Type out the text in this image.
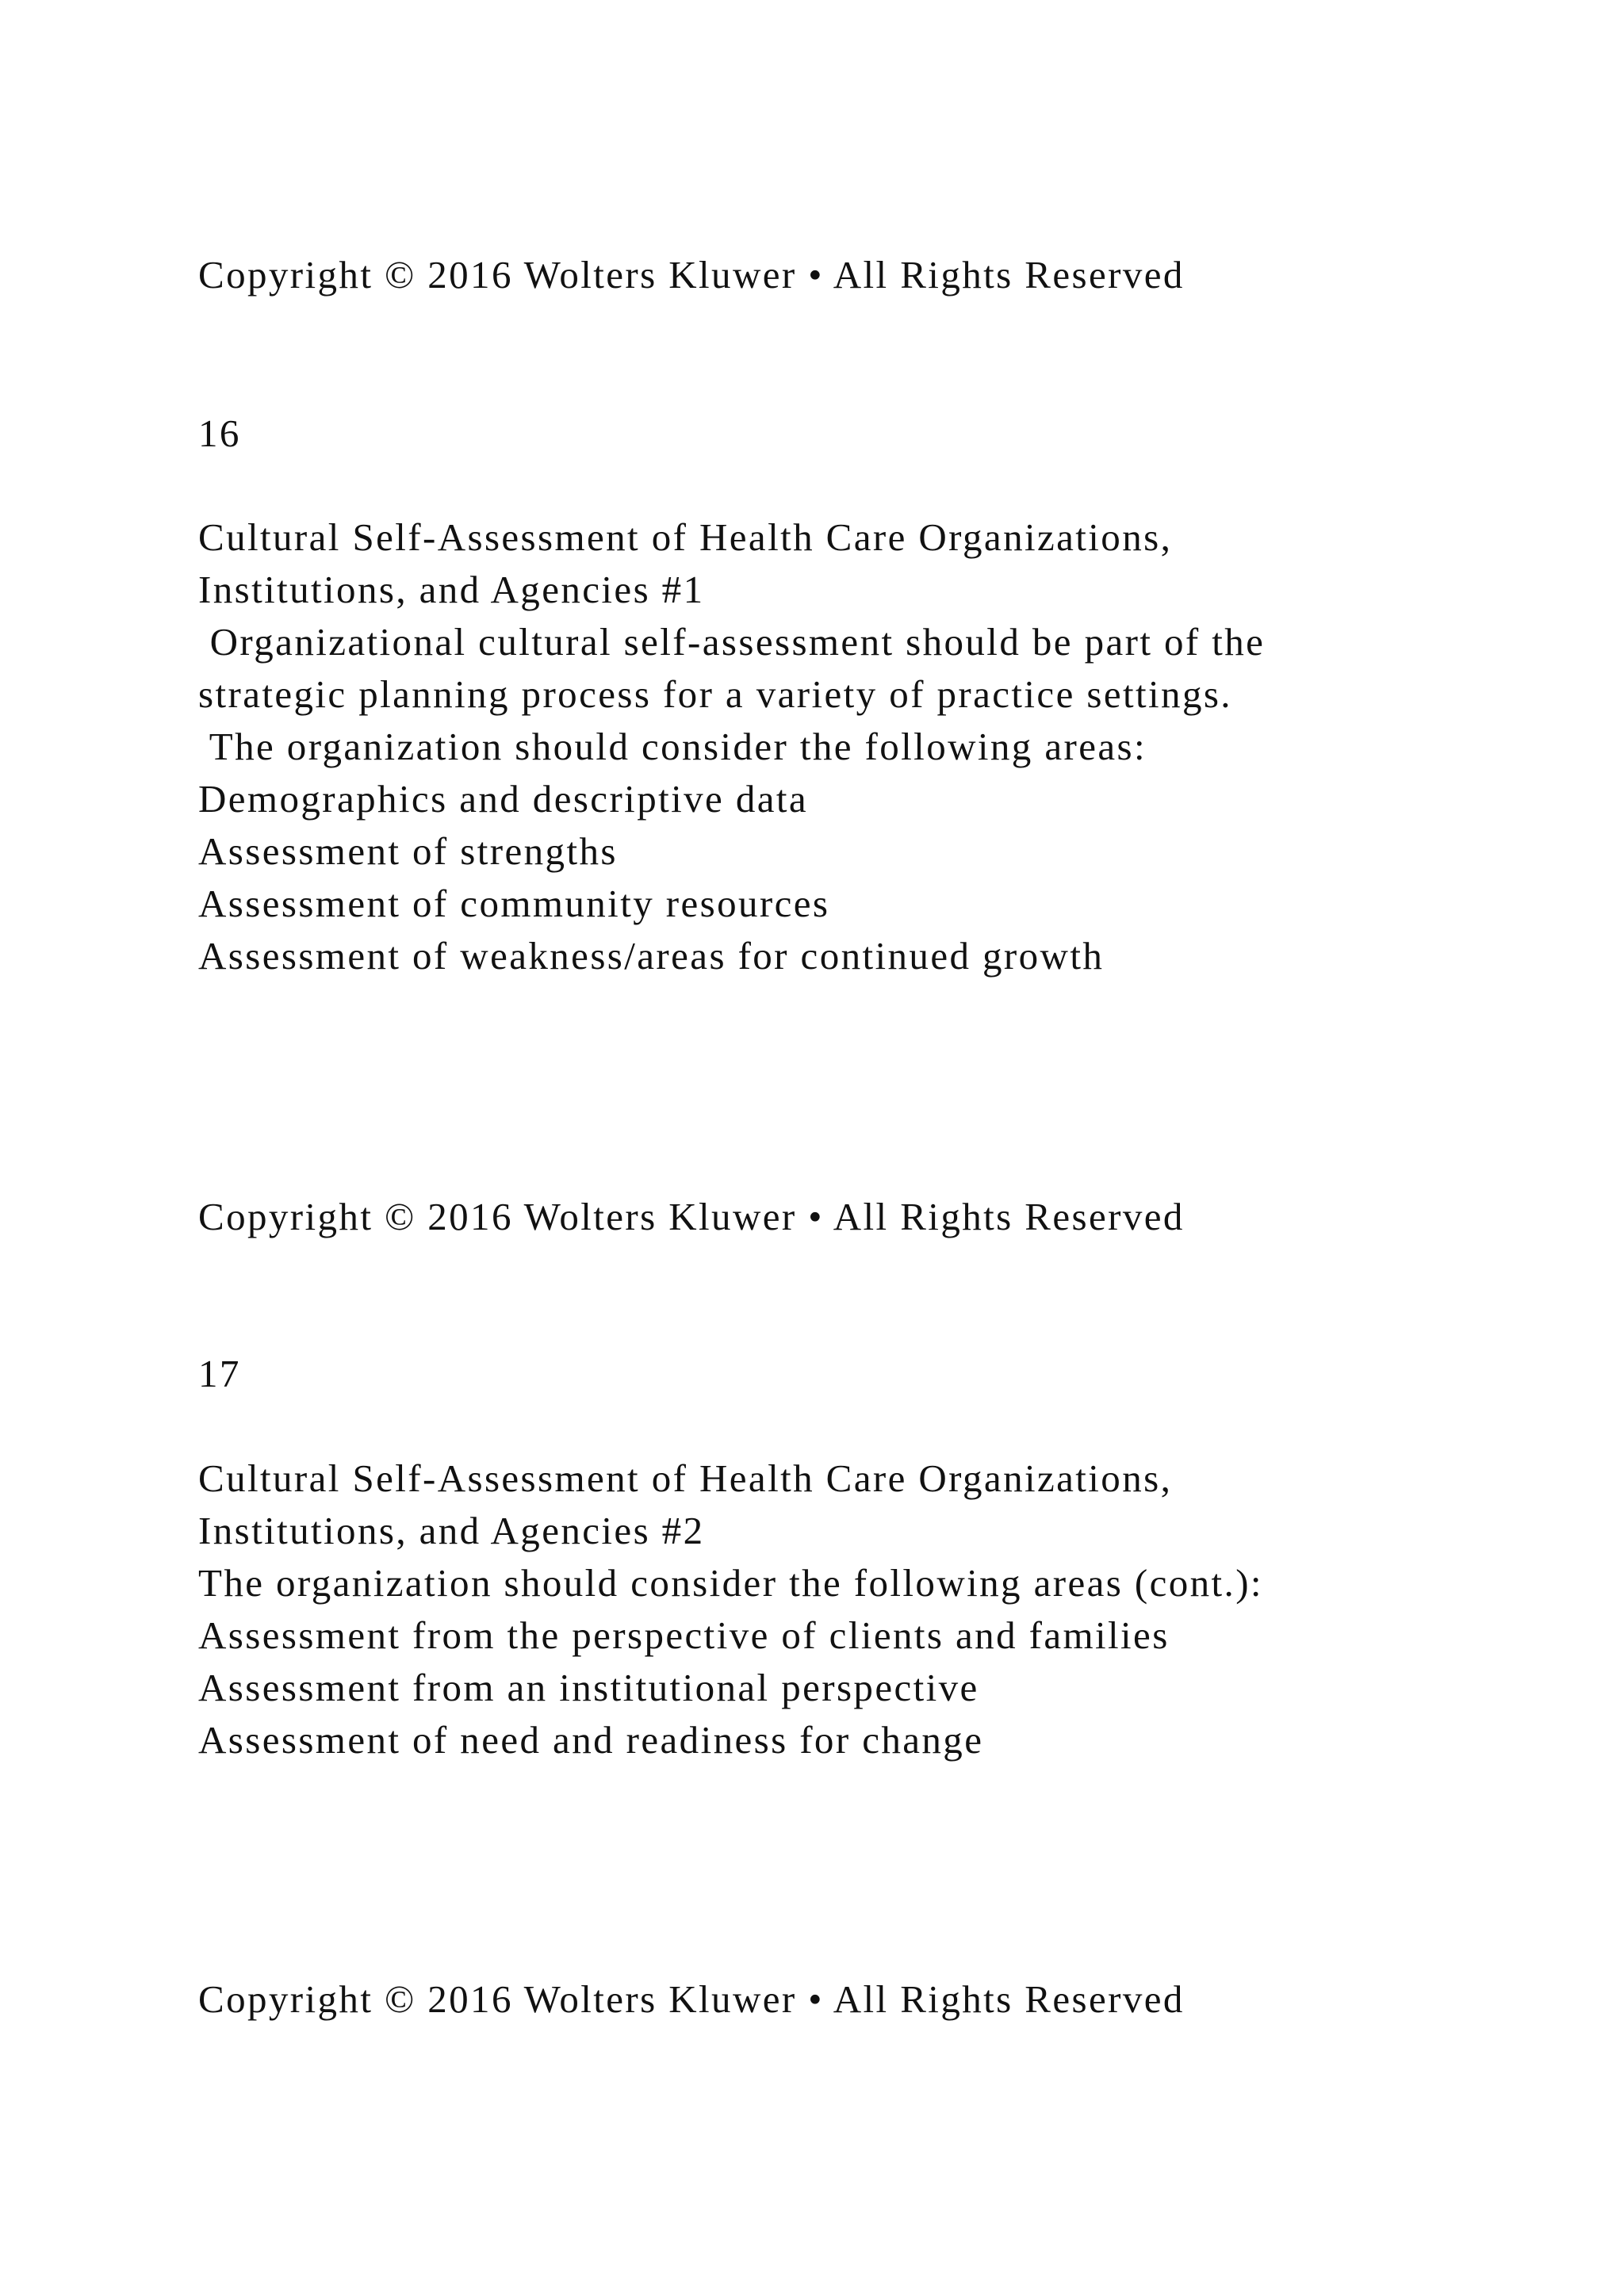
Copyright © 2016 Wolters Kluwer • All Rights Reserved
16
Cultural Self-Assessment of Health Care Organizations,
Institutions, and Agencies #1
Organizational cultural self-assessment should be part of the
strategic planning process for a variety of practice settings.
The organization should consider the following areas:
Demographics and descriptive data
Assessment of strengths
Assessment of community resources
Assessment of weakness/areas for continued growth
Copyright © 2016 Wolters Kluwer • All Rights Reserved
17
Cultural Self-Assessment of Health Care Organizations,
Institutions, and Agencies #2
The organization should consider the following areas (cont.):
Assessment from the perspective of clients and families
Assessment from an institutional perspective
Assessment of need and readiness for change
Copyright © 2016 Wolters Kluwer • All Rights Reserved
